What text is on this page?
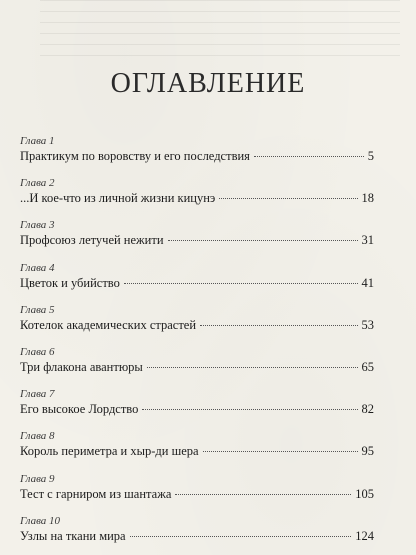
ОГЛАВЛЕНИЕ
Глава 1
Практикум по воровству и его последствия	5
Глава 2
...И кое-что из личной жизни кицунэ	18
Глава 3
Профсоюз летучей нежити	31
Глава 4
Цветок и убийство	41
Глава 5
Котелок академических страстей	53
Глава 6
Три флакона авантюры	65
Глава 7
Его высокое Лордство	82
Глава 8
Король периметра и хыр-ди шера	95
Глава 9
Тест с гарниром из шантажа	105
Глава 10
Узлы на ткани мира	124
